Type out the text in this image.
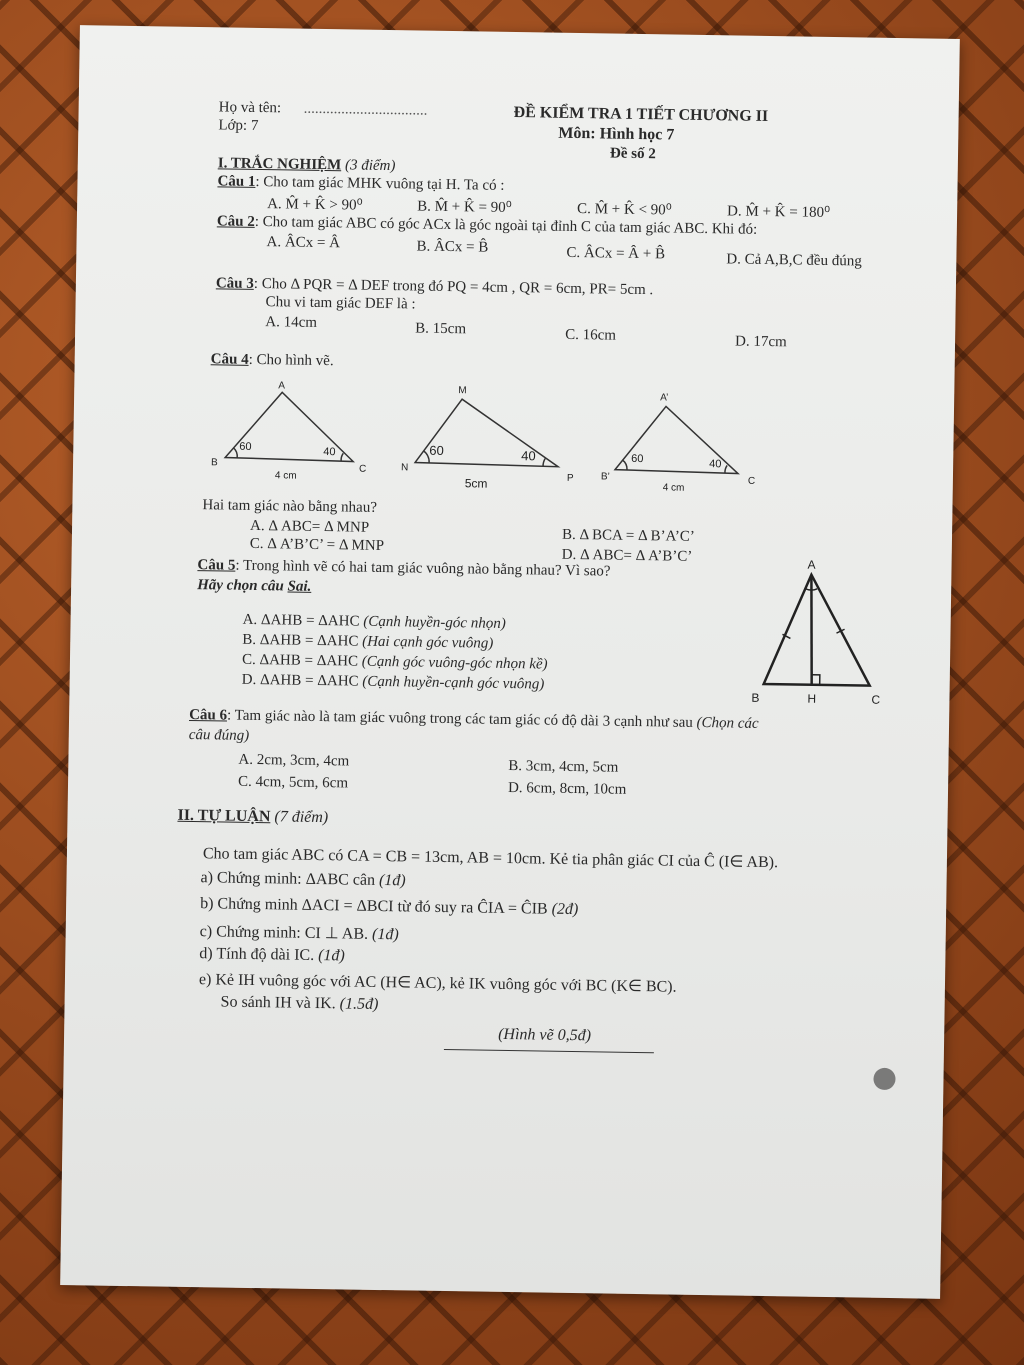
Họ và tên: .................................
Lớp: 7
ĐỀ KIỂM TRA 1 TIẾT CHƯƠNG II
Môn: Hình học 7
Đề số 2
I. TRẮC NGHIỆM (3 điểm)
Câu 1: Cho tam giác MHK vuông tại H. Ta có :
A. M̂ + K̂ > 90⁰	B. M̂ + K̂ = 90⁰	C. M̂ + K̂ < 90⁰	D. M̂ + K̂ = 180⁰
Câu 2: Cho tam giác ABC có góc ACx là góc ngoài tại đỉnh C của tam giác ABC. Khi đó:
A. ÂCx = Â	B. ÂCx = B̂	C. ÂCx = Â + B̂	D. Cả A,B,C đều đúng
Câu 3: Cho Δ PQR = Δ DEF trong đó PQ = 4cm , QR = 6cm, PR= 5cm .
Chu vi tam giác DEF là :
A. 14cm	B. 15cm	C. 16cm	D. 17cm
Câu 4: Cho hình vẽ.
A
B
C
60	40
4 cm
M
N
P
60	40
5cm
A’
B’	C
60	40
4 cm
Hai tam giác nào bằng nhau?
A. Δ ABC= Δ MNP	B. Δ BCA = Δ B’A’C’
C. Δ A’B’C’ = Δ MNP
D. Δ ABC= Δ A’B’C’
Câu 5: Trong hình vẽ có hai tam giác vuông nào bằng nhau? Vì sao?
Hãy chọn câu Sai.
A. ΔAHB = ΔAHC (Cạnh huyền-góc nhọn)
B. ΔAHB = ΔAHC (Hai cạnh góc vuông)
C. ΔAHB = ΔAHC (Cạnh góc vuông-góc nhọn kề)
D. ΔAHB = ΔAHC (Cạnh huyền-cạnh góc vuông)
A
B	H	C
Câu 6: Tam giác nào là tam giác vuông trong các tam giác có độ dài 3 cạnh như sau (Chọn các
câu đúng)
A. 2cm, 3cm, 4cm	B. 3cm, 4cm, 5cm
C. 4cm, 5cm, 6cm	D. 6cm, 8cm, 10cm
II. TỰ LUẬN (7 điểm)
Cho tam giác ABC có CA = CB = 13cm, AB = 10cm. Kẻ tia phân giác CI của Ĉ (I∈ AB).
a) Chứng minh: ΔABC cân (1đ)
b) Chứng minh ΔACI = ΔBCI từ đó suy ra ĈIA = ĈIB (2đ)
c) Chứng minh: CI ⊥ AB. (1đ)
d) Tính độ dài IC. (1đ)
e) Kẻ IH vuông góc với AC (H∈ AC), kẻ IK vuông góc với BC (K∈ BC).
So sánh IH và IK. (1.5đ)
(Hình vẽ 0,5đ)
